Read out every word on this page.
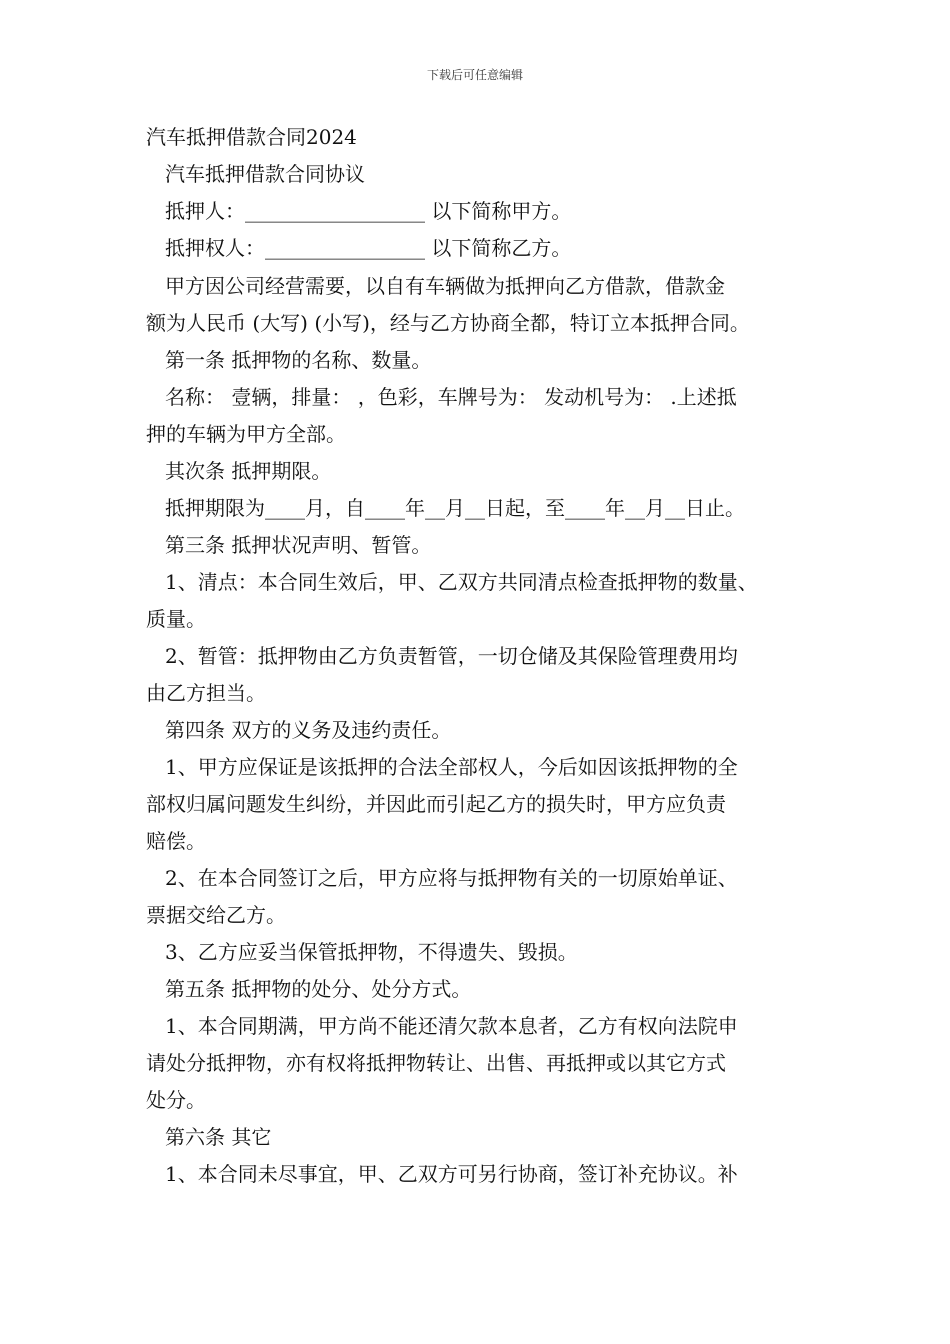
下载后可任意编辑
汽车抵押借款合同2024
汽车抵押借款合同协议
抵押人：__________________ 以下简称甲方。
抵押权人：________________ 以下简称乙方。
甲方因公司经营需要，以自有车辆做为抵押向乙方借款，借款金
额为人民币 (大写) (小写)，经与乙方协商全都，特订立本抵押合同。
第一条 抵押物的名称、数量。
名称： 壹辆，排量： ，色彩，车牌号为： 发动机号为： .上述抵
押的车辆为甲方全部。
其次条 抵押期限。
抵押期限为____月，自____年__月__日起，至____年__月__日止。
第三条 抵押状况声明、暂管。
1、清点：本合同生效后，甲、乙双方共同清点检查抵押物的数量、
质量。
2、暂管：抵押物由乙方负责暂管，一切仓储及其保险管理费用均
由乙方担当。
第四条 双方的义务及违约责任。
1、甲方应保证是该抵押的合法全部权人，今后如因该抵押物的全
部权归属问题发生纠纷，并因此而引起乙方的损失时，甲方应负责
赔偿。
2、在本合同签订之后，甲方应将与抵押物有关的一切原始单证、
票据交给乙方。
3、乙方应妥当保管抵押物，不得遗失、毁损。
第五条 抵押物的处分、处分方式。
1、本合同期满，甲方尚不能还清欠款本息者，乙方有权向法院申
请处分抵押物，亦有权将抵押物转让、出售、再抵押或以其它方式
处分。
第六条 其它
1、本合同未尽事宜，甲、乙双方可另行协商，签订补充协议。补
